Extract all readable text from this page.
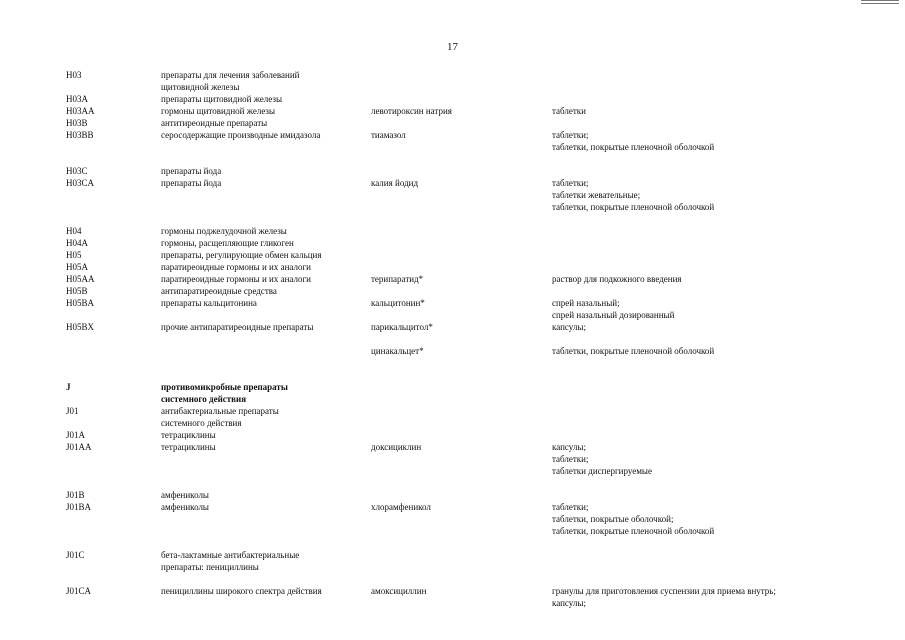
17
H03	препараты для лечения заболеваний
щитовидной железы		

H03A	препараты щитовидной железы		

H03AA	гормоны щитовидной железы	левотироксин натрия	таблетки

H03B	антитиреоидные препараты		

H03BB	серосодержащие производные имидазола	тиамазол	таблетки;
таблетки, покрытые пленочной оболочкой

H03C	препараты йода		

H03CA	препараты йода	калия йодид	таблетки;
таблетки жевательные;
таблетки, покрытые пленочной оболочкой

H04	гормоны поджелудочной железы		

H04A	гормоны, расщепляющие гликоген		

H05	препараты, регулирующие обмен кальция		

H05A	паратиреоидные гормоны и их аналоги		

H05AA	паратиреоидные гормоны и их аналоги	терипаратид*	раствор для подкожного введения

H05B	антипаратиреоидные средства		

H05BA	препараты кальцитонина	кальцитонин*	спрей назальный;
спрей назальный дозированный

H05BX	прочие антипаратиреоидные препараты	парикальцитол*	капсулы;

		цинакальцет*	таблетки, покрытые пленочной оболочкой

J	противомикробные препараты
системного действия		

J01	антибактериальные препараты
системного действия		

J01A	тетрациклины		

J01AA	тетрациклины	доксициклин	капсулы;
таблетки;
таблетки диспергируемые

J01B	амфениколы		

J01BA	амфениколы	хлорамфеникол	таблетки;
таблетки, покрытые оболочкой;
таблетки, покрытые пленочной оболочкой

J01C	бета-лактамные антибактериальные
препараты: пенициллины		

J01CA	пенициллины широкого спектра действия	амоксициллин	гранулы для приготовления суспензии для приема внутрь;
капсулы;
